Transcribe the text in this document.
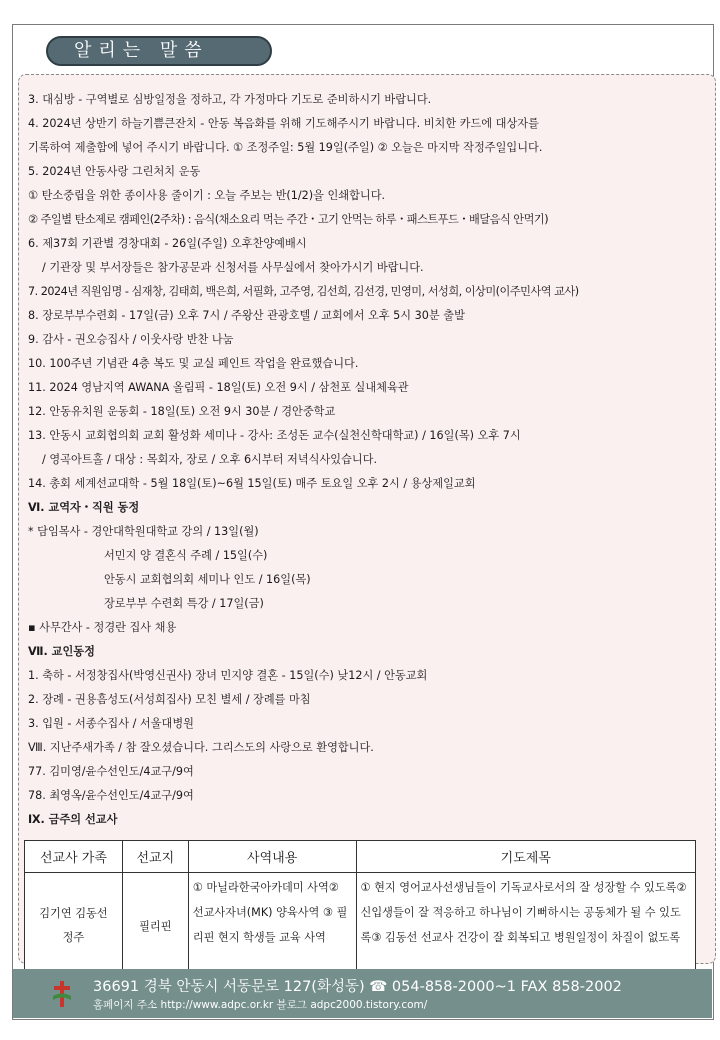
알리는 말씀
3. 대심방 - 구역별로 심방일정을 정하고, 각 가정마다 기도로 준비하시기 바랍니다.
4. 2024년 상반기 하늘기쁨큰잔치 - 안동 복음화를 위해 기도해주시기 바랍니다. 비치한 카드에 대상자를
기록하여 제출함에 넣어 주시기 바랍니다. ① 조정주일: 5월 19일(주일) ② 오늘은 마지막 작정주일입니다.
5. 2024년 안동사랑 그린처치 운동
① 탄소중립을 위한 종이사용 줄이기 : 오늘 주보는 반(1/2)을 인쇄합니다.
② 주일별 탄소제로 캠페인(2주차) : 음식(채소요리 먹는 주간・고기 안먹는 하루・패스트푸드・배달음식 안먹기)
6. 제37회 기관별 경창대회 - 26일(주일) 오후찬양예배시
/ 기관장 및 부서장들은 참가공문과 신청서를 사무실에서 찾아가시기 바랍니다.
7. 2024년 직원임명 - 심재창, 김태희, 백은희, 서필화, 고주영, 김선희, 김선경, 민영미, 서성희, 이상미(이주민사역 교사)
8. 장로부부수련회 - 17일(금) 오후 7시 / 주왕산 관광호텔 / 교회에서 오후 5시 30분 출발
9. 감사 - 권오승집사 / 이웃사랑 반찬 나눔
10. 100주년 기념관 4층 복도 및 교실 페인트 작업을 완료했습니다.
11. 2024 영남지역 AWANA 올림픽 - 18일(토) 오전 9시 / 삼천포 실내체육관
12. 안동유치원 운동회 - 18일(토) 오전 9시 30분 / 경안중학교
13. 안동시 교회협의회 교회 활성화 세미나 - 강사: 조성돈 교수(실천신학대학교) / 16일(목) 오후 7시
/ 영곡아트홀 / 대상 : 목회자, 장로 / 오후 6시부터 저녁식사있습니다.
14. 총회 세계선교대학 - 5월 18일(토)~6월 15일(토) 매주 토요일 오후 2시 / 용상제일교회
Ⅵ. 교역자・직원 동정
* 담임목사 - 경안대학원대학교 강의 / 13일(월)
서민지 양 결혼식 주례 / 15일(수)
안동시 교회협의회 세미나 인도 / 16일(목)
장로부부 수련회 특강 / 17일(금)
▪ 사무간사 - 정경란 집사 채용
Ⅶ. 교인동정
1. 축하 - 서정창집사(박영신권사) 장녀 민지양 결혼 - 15일(수) 낮12시 / 안동교회
2. 장례 - 권용흠성도(서성희집사) 모친 별세 / 장례를 마침
3. 입원 - 서종수집사 / 서울대병원
Ⅷ. 지난주새가족 / 참 잘오셨습니다. 그리스도의 사랑으로 환영합니다.
77. 김미영/윤수선인도/4교구/9여
78. 최영옥/윤수선인도/4교구/9여
Ⅸ. 금주의 선교사
선교사 가족	선교지	사역내용	기도제목
김기연 김동선
정주	필리핀	① 마닐라한국아카데미 사역② 선교사자녀(MK) 양육사역 ③ 필리핀 현지 학생들 교육 사역	① 현지 영어교사선생님들이 기독교사로서의 잘 성장할 수 있도록② 신입생들이 잘 적응하고 하나님이 기뻐하시는 공동체가 될 수 있도록③ 김동선 선교사 건강이 잘 회복되고 병원일정이 차질이 없도록
36691 경북 안동시 서동문로 127(화성동) ☎ 054-858-2000~1 FAX 858-2002
홈페이지 주소 http://www.adpc.or.kr 블로그 adpc2000.tistory.com/
